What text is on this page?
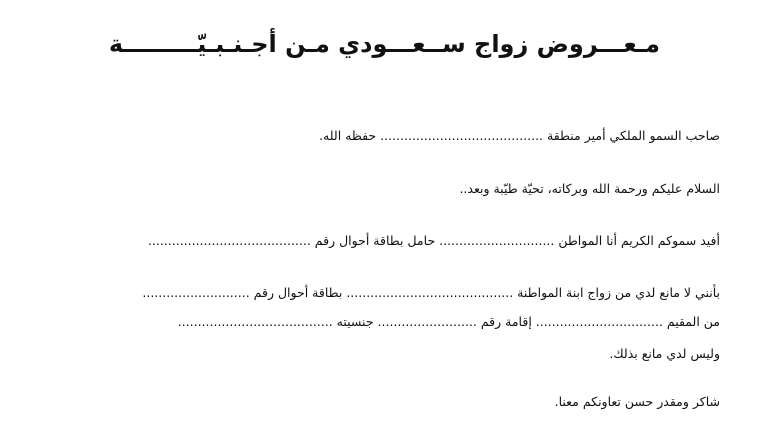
مـعـــروض زواج ســعـــودي مـن أجـنـبـيّـــــــــة
صاحب السمو الملكي أمير منطقة ......................................... حفظه الله.
السلام عليكم ورحمة الله وبركاته، تحيّة طيّبة وبعد..
أفيد سموكم الكريم أنا المواطن ............................. حامل بطاقة أحوال رقم .........................................
بأنني لا مانع لدي من زواج ابنة المواطنة .......................................... بطاقة أحوال رقم ...........................
من المقيم ................................ إقامة رقم ......................... جنسيته .......................................
وليس لدي مانع بذلك.
شاكر ومقدر حسن تعاونكم معنا.
